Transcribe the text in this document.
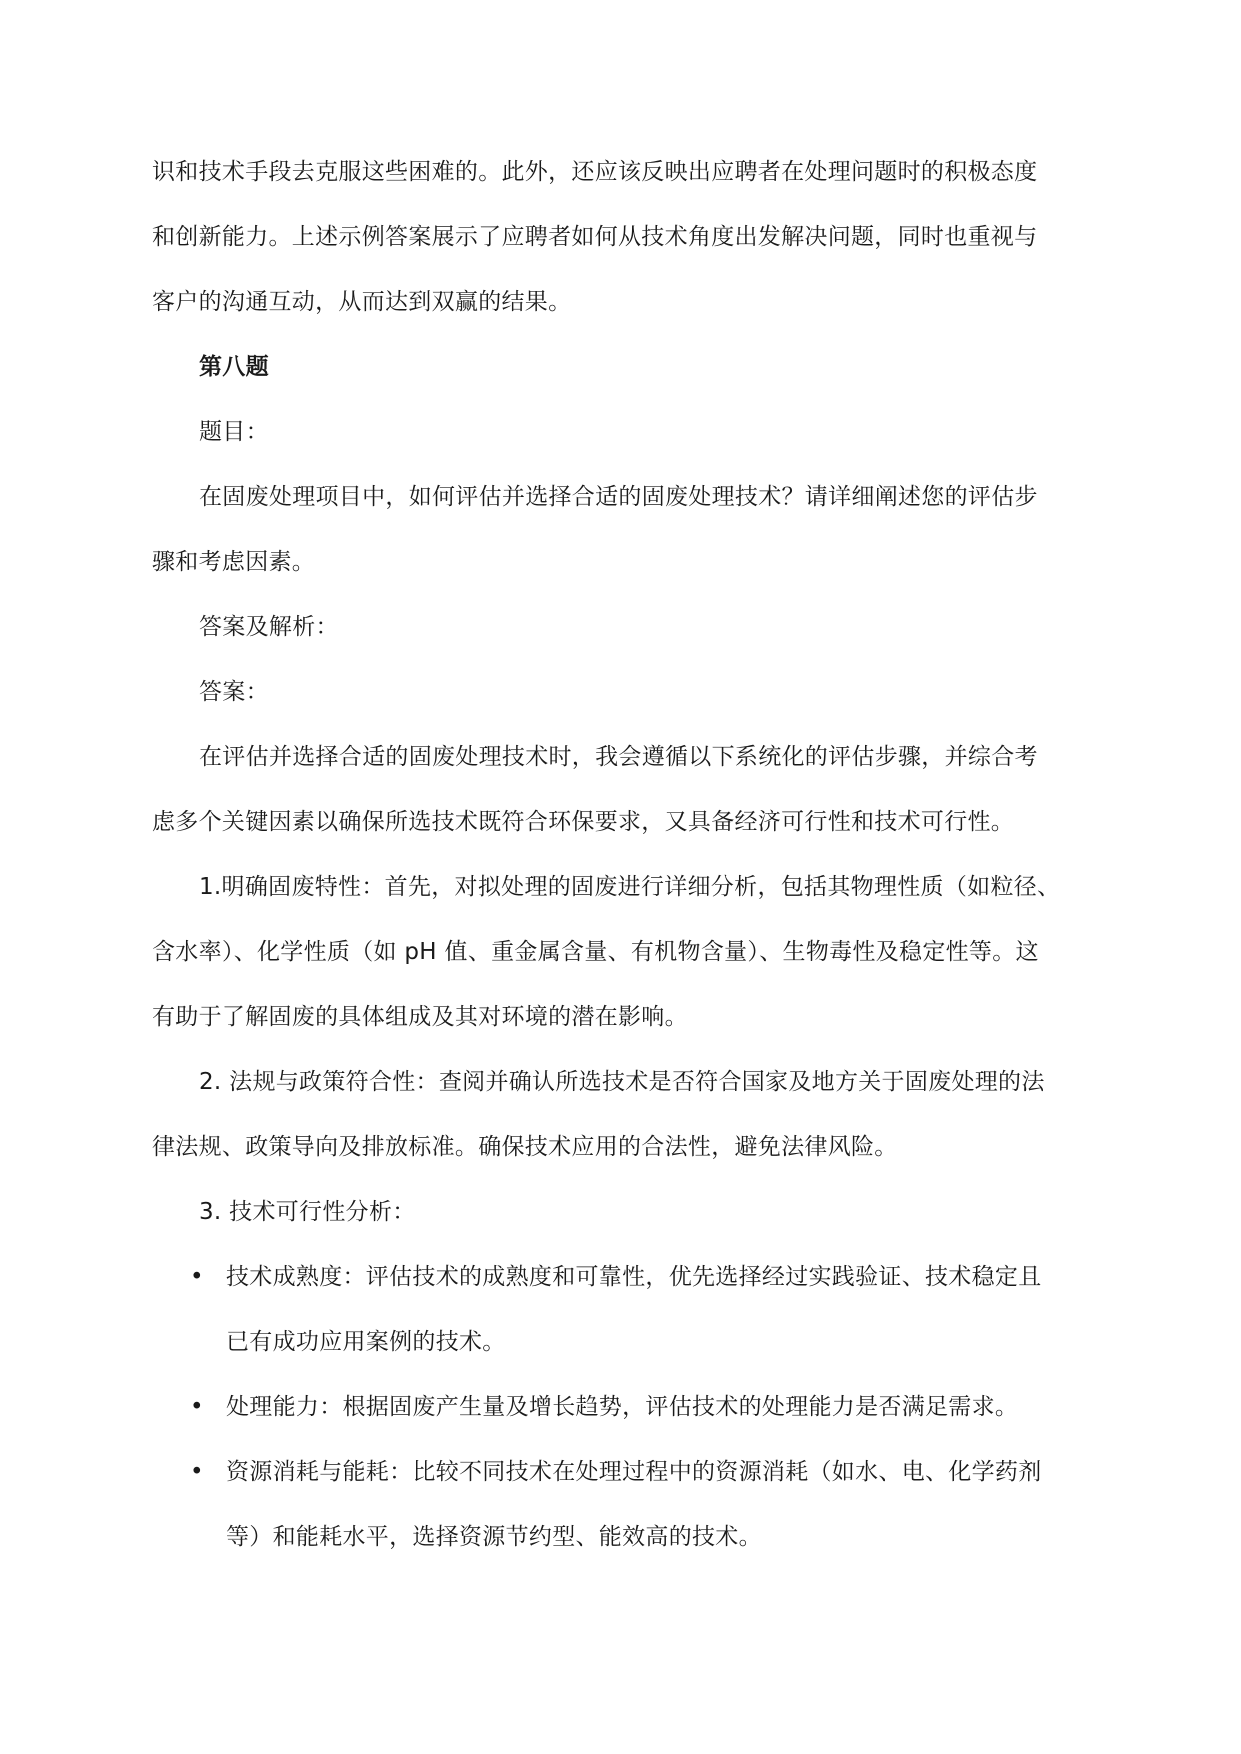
识和技术手段去克服这些困难的。此外，还应该反映出应聘者在处理问题时的积极态度
和创新能力。上述示例答案展示了应聘者如何从技术角度出发解决问题，同时也重视与
客户的沟通互动，从而达到双赢的结果。
第八题
题目：
在固废处理项目中，如何评估并选择合适的固废处理技术？请详细阐述您的评估步
骤和考虑因素。
答案及解析：
答案：
在评估并选择合适的固废处理技术时，我会遵循以下系统化的评估步骤，并综合考
虑多个关键因素以确保所选技术既符合环保要求，又具备经济可行性和技术可行性。
1.明确固废特性：首先，对拟处理的固废进行详细分析，包括其物理性质（如粒径、
含水率）、化学性质（如 pH 值、重金属含量、有机物含量）、生物毒性及稳定性等。这
有助于了解固废的具体组成及其对环境的潜在影响。
2. 法规与政策符合性：查阅并确认所选技术是否符合国家及地方关于固废处理的法
律法规、政策导向及排放标准。确保技术应用的合法性，避免法律风险。
3. 技术可行性分析：
• 技术成熟度：评估技术的成熟度和可靠性，优先选择经过实践验证、技术稳定且
已有成功应用案例的技术。
• 处理能力：根据固废产生量及增长趋势，评估技术的处理能力是否满足需求。
• 资源消耗与能耗：比较不同技术在处理过程中的资源消耗（如水、电、化学药剂
等）和能耗水平，选择资源节约型、能效高的技术。
